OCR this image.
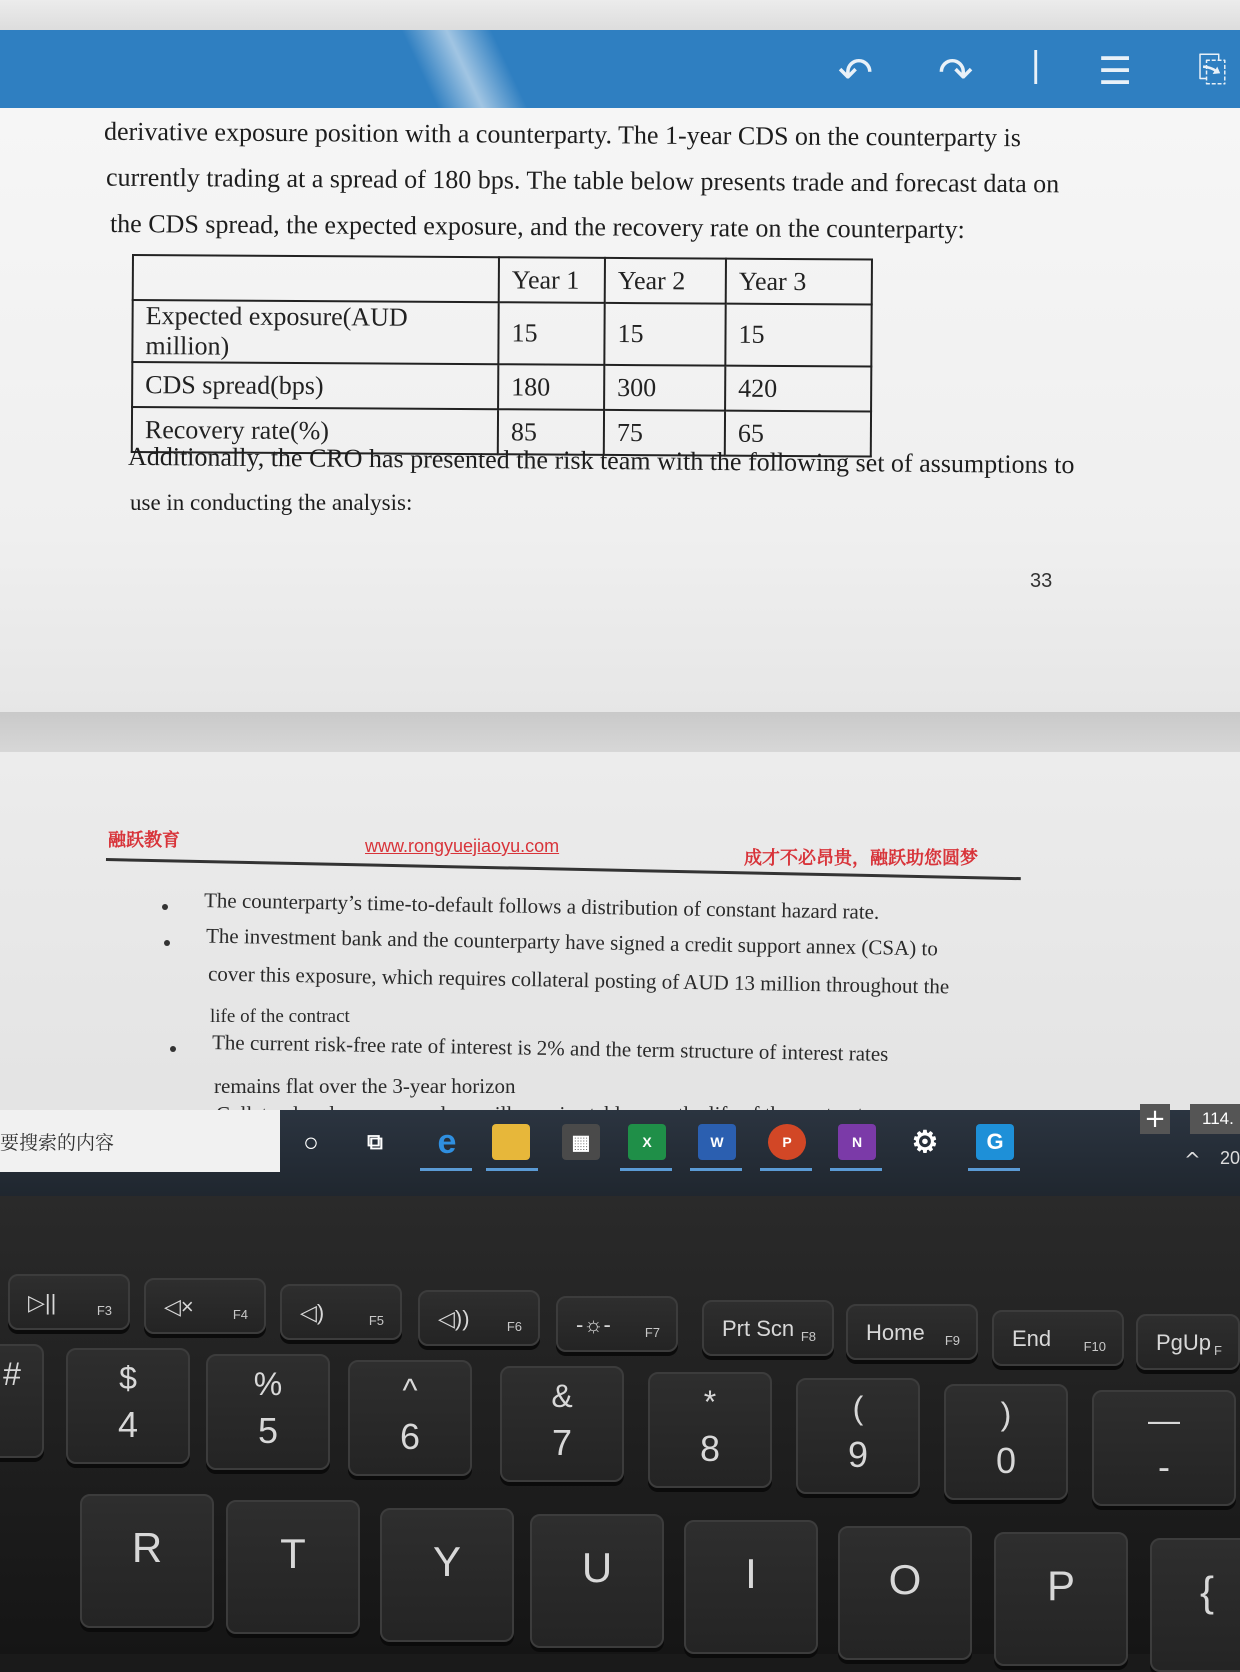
↶ ↷ | ☰ ⎘
derivative exposure position with a counterparty. The 1-year CDS on the counterparty is
currently trading at a spread of 180 bps. The table below presents trade and forecast data on
the CDS spread, the expected exposure, and the recovery rate on the counterparty:
	Year 1	Year 2	Year 3
Expected exposure(AUD million)	15	15	15
CDS spread(bps)	180	300	420
Recovery rate(%)	85	75	65
Additionally, the CRO has presented the risk team with the following set of assumptions to
use in conducting the analysis:
33
融跃教育	www.rongyuejiaoyu.com
成才不必昂贵，融跃助您圆梦
The counterparty’s time-to-default follows a distribution of constant hazard rate.
The investment bank and the counterparty have signed a credit support annex (CSA) to
cover this exposure, which requires collateral posting of AUD 13 million throughout the
life of the contract
The current risk-free rate of interest is 2% and the term structure of interest rates
remains flat over the 3-year horizon
要搜索的内容
+	114.
○	⧉	e	▦	X	W	P	N	⚙	G
^ 20
▷||	F3 ◁×	F4 ◁)	F5 ◁))	F6 -☼-	F7	Prt Scn F8 Home F9 End F10 PgUp F
#	$
4
%
5
^
6
&
7
*
8
(
9
)
0
—
-
R	T	Y	U	I	O	P	{
